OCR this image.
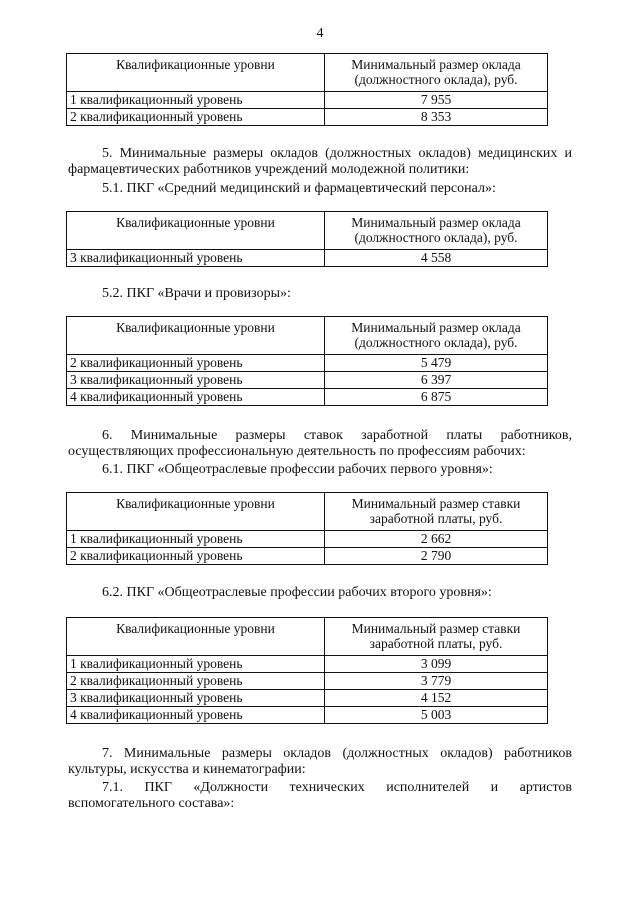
4
Квалификационные уровни	Минимальный размер оклада (должностного оклада), руб.
1 квалификационный уровень	7 955
2 квалификационный уровень	8 353
5. Минимальные размеры окладов (должностных окладов) медицинских и фармацевтических работников учреждений молодежной политики:
5.1. ПКГ «Средний медицинский и фармацевтический персонал»:
Квалификационные уровни	Минимальный размер оклада (должностного оклада), руб.
3 квалификационный уровень	4 558
5.2. ПКГ «Врачи и провизоры»:
Квалификационные уровни	Минимальный размер оклада (должностного оклада), руб.
2 квалификационный уровень	5 479
3 квалификационный уровень	6 397
4 квалификационный уровень	6 875
6. Минимальные размеры ставок заработной платы работников, осуществляющих профессиональную деятельность по профессиям рабочих:
6.1. ПКГ «Общеотраслевые профессии рабочих первого уровня»:
Квалификационные уровни	Минимальный размер ставки заработной платы, руб.
1 квалификационный уровень	2 662
2 квалификационный уровень	2 790
6.2. ПКГ «Общеотраслевые профессии рабочих второго уровня»:
Квалификационные уровни	Минимальный размер ставки заработной платы, руб.
1 квалификационный уровень	3 099
2 квалификационный уровень	3 779
3 квалификационный уровень	4 152
4 квалификационный уровень	5 003
7. Минимальные размеры окладов (должностных окладов) работников культуры, искусства и кинематографии:
7.1. ПКГ «Должности технических исполнителей и артистов вспомогательного состава»:
